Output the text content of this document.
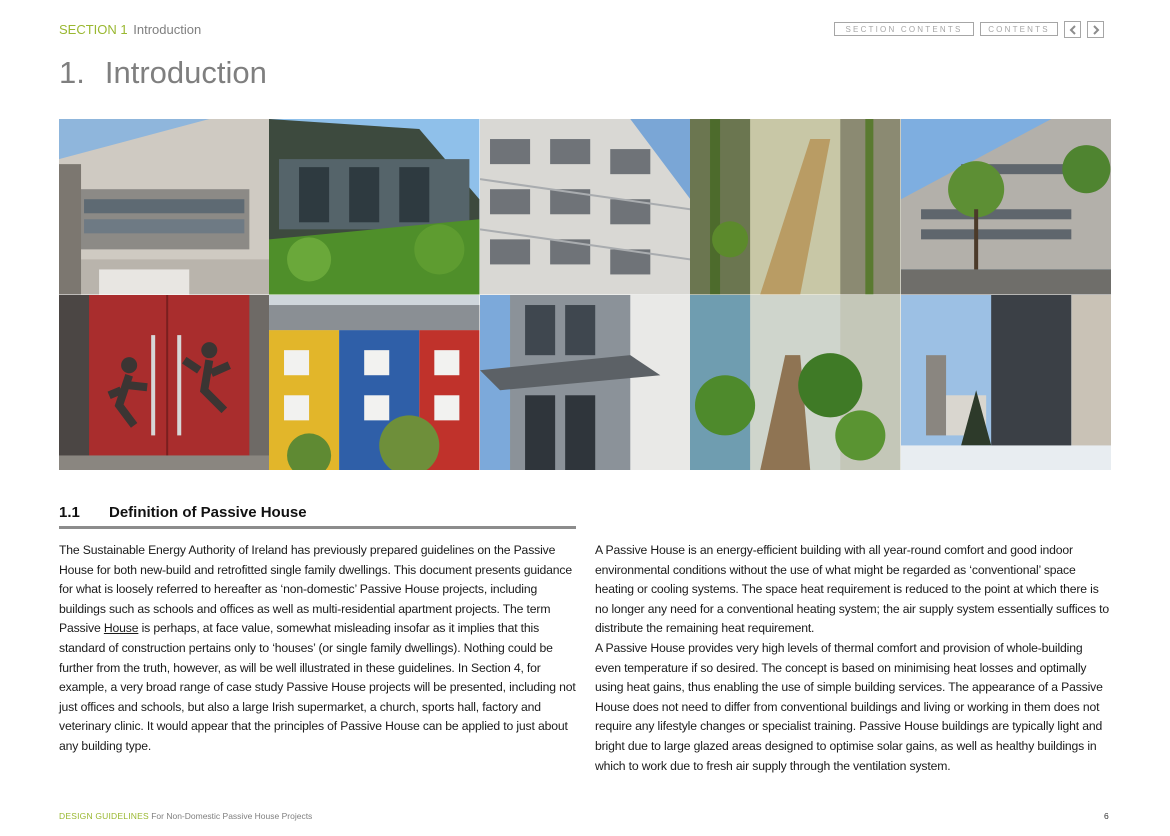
SECTION 1 Introduction	SECTION CONTENTS	CONTENTS
1. Introduction
1.1 Definition of Passive House

The Sustainable Energy Authority of Ireland has previously prepared guidelines on the Passive House for both new-build and retrofitted single family dwellings. This document presents guidance for what is loosely referred to hereafter as ‘non-domestic’ Passive House projects, including buildings such as schools and offices as well as multi-residential apartment projects. The term Passive House is perhaps, at face value, somewhat misleading insofar as it implies that this standard of construction pertains only to ‘houses’ (or single family dwellings). Nothing could be further from the truth, however, as will be well illustrated in these guidelines. In Section 4, for example, a very broad range of case study Passive House projects will be presented, including not just offices and schools, but also a large Irish supermarket, a church, sports hall, factory and veterinary clinic. It would appear that the principles of Passive House can be applied to just about any building type.

A Passive House is an energy-efficient building with all year-round comfort and good indoor environmental conditions without the use of what might be regarded as ‘conventional’ space heating or cooling systems. The space heat requirement is reduced to the point at which there is no longer any need for a conventional heating system; the air supply system essentially suffices to distribute the remaining heat requirement.
A Passive House provides very high levels of thermal comfort and provision of whole-building even temperature if so desired. The concept is based on minimising heat losses and optimally using heat gains, thus enabling the use of simple building services. The appearance of a Passive House does not need to differ from conventional buildings and living or working in them does not require any lifestyle changes or specialist training. Passive House buildings are typically light and bright due to large glazed areas designed to optimise solar gains, as well as healthy buildings in which to work due to fresh air supply through the ventilation system.
DESIGN GUIDELINES For Non-Domestic Passive House Projects	6
